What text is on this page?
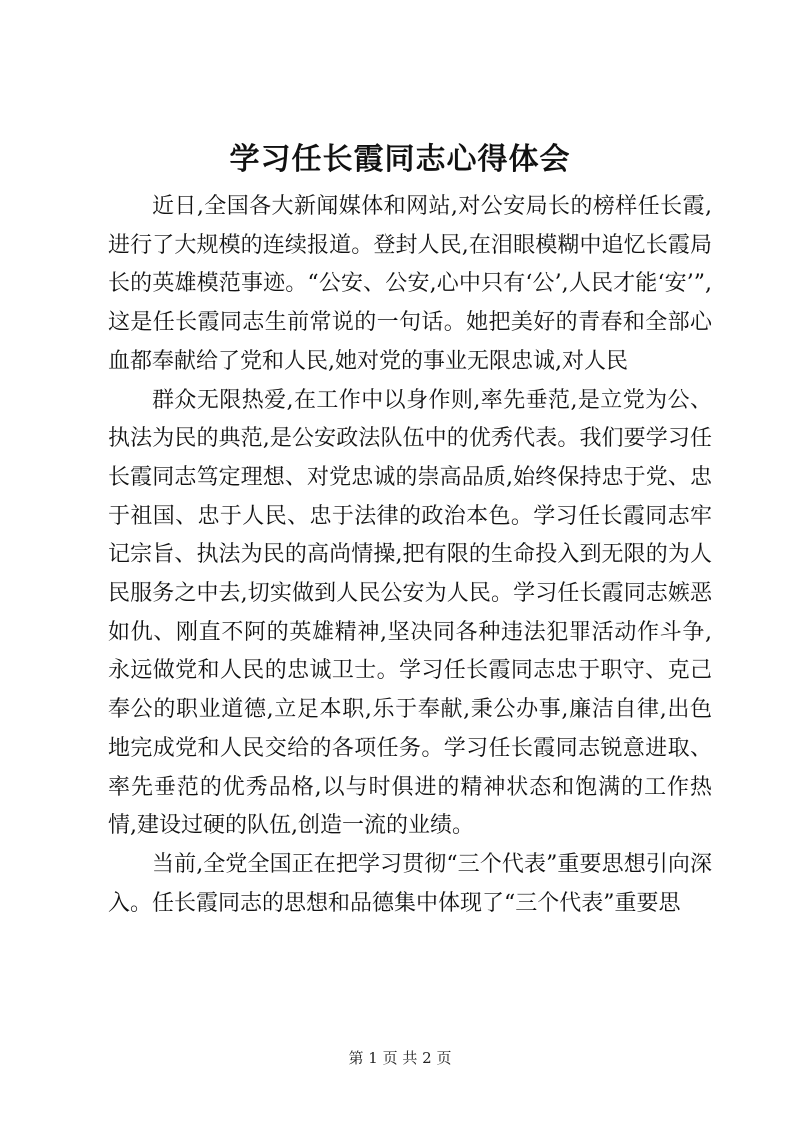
学习任长霞同志心得体会

近日,全国各大新闻媒体和网站,对公安局长的榜样任长霞,进行了大规模的连续报道。登封人民,在泪眼模糊中追忆长霞局长的英雄模范事迹。“公安、公安,心中只有‘公’,人民才能‘安’”,这是任长霞同志生前常说的一句话。她把美好的青春和全部心血都奉献给了党和人民,她对党的事业无限忠诚,对人民

群众无限热爱,在工作中以身作则,率先垂范,是立党为公、执法为民的典范,是公安政法队伍中的优秀代表。我们要学习任长霞同志笃定理想、对党忠诚的崇高品质,始终保持忠于党、忠于祖国、忠于人民、忠于法律的政治本色。学习任长霞同志牢记宗旨、执法为民的高尚情操,把有限的生命投入到无限的为人民服务之中去,切实做到人民公安为人民。学习任长霞同志嫉恶如仇、刚直不阿的英雄精神,坚决同各种违法犯罪活动作斗争,永远做党和人民的忠诚卫士。学习任长霞同志忠于职守、克己奉公的职业道德,立足本职,乐于奉献,秉公办事,廉洁自律,出色地完成党和人民交给的各项任务。学习任长霞同志锐意进取、率先垂范的优秀品格,以与时俱进的精神状态和饱满的工作热情,建设过硬的队伍,创造一流的业绩。

当前,全党全国正在把学习贯彻“三个代表”重要思想引向深入。任长霞同志的思想和品德集中体现了“三个代表”重要思

第 1 页 共 2 页
